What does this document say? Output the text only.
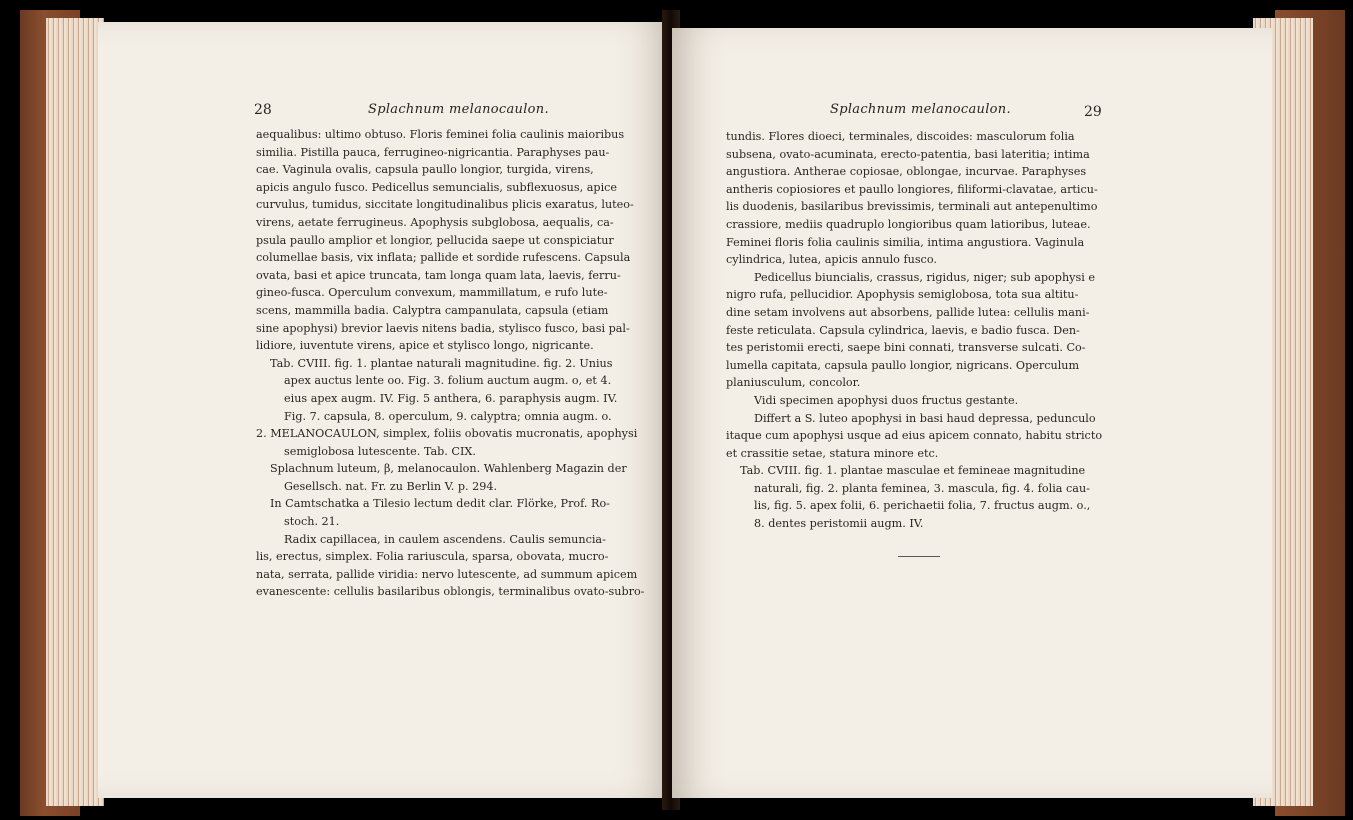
28	Splachnum melanocaulon.
aequalibus: ultimo obtuso. Floris feminei folia caulinis maioribus
similia. Pistilla pauca, ferrugineo-nigricantia. Paraphyses pau-
cae. Vaginula ovalis, capsula paullo longior, turgida, virens,
apicis angulo fusco. Pedicellus semuncialis, subflexuosus, apice
curvulus, tumidus, siccitate longitudinalibus plicis exaratus, luteo-
virens, aetate ferrugineus. Apophysis subglobosa, aequalis, ca-
psula paullo amplior et longior, pellucida saepe ut conspiciatur
columellae basis, vix inflata; pallide et sordide rufescens. Capsula
ovata, basi et apice truncata, tam longa quam lata, laevis, ferru-
gineo-fusca. Operculum convexum, mammillatum, e rufo lute-
scens, mammilla badia. Calyptra campanulata, capsula (etiam
sine apophysi) brevior laevis nitens badia, stylisco fusco, basi pal-
lidiore, iuventute virens, apice et stylisco longo, nigricante.
Tab. CVIII. fig. 1. plantae naturali magnitudine. fig. 2. Unius
apex auctus lente oo. Fig. 3. folium auctum augm. o, et 4.
eius apex augm. IV. Fig. 5 anthera, 6. paraphysis augm. IV.
Fig. 7. capsula, 8. operculum, 9. calyptra; omnia augm. o.
2. MELANOCAULON, simplex, foliis obovatis mucronatis, apophysi
semiglobosa lutescente. Tab. CIX.
Splachnum luteum, β, melanocaulon. Wahlenberg Magazin der
Gesellsch. nat. Fr. zu Berlin V. p. 294.
In Camtschatka a Tilesio lectum dedit clar. Flörke, Prof. Ro-
stoch. 21.
Radix capillacea, in caulem ascendens. Caulis semuncia-
lis, erectus, simplex. Folia rariuscula, sparsa, obovata, mucro-
nata, serrata, pallide viridia: nervo lutescente, ad summum apicem
evanescente: cellulis basilaribus oblongis, terminalibus ovato-subro-
Splachnum melanocaulon.	29
tundis. Flores dioeci, terminales, discoides: masculorum folia
subsena, ovato-acuminata, erecto-patentia, basi lateritia; intima
angustiora. Antherae copiosae, oblongae, incurvae. Paraphyses
antheris copiosiores et paullo longiores, filiformi-clavatae, articu-
lis duodenis, basilaribus brevissimis, terminali aut antepenultimo
crassiore, mediis quadruplo longioribus quam latioribus, luteae.
Feminei floris folia caulinis similia, intima angustiora. Vaginula
cylindrica, lutea, apicis annulo fusco.
Pedicellus biuncialis, crassus, rigidus, niger; sub apophysi e
nigro rufa, pellucidior. Apophysis semiglobosa, tota sua altitu-
dine setam involvens aut absorbens, pallide lutea: cellulis mani-
feste reticulata. Capsula cylindrica, laevis, e badio fusca. Den-
tes peristomii erecti, saepe bini connati, transverse sulcati. Co-
lumella capitata, capsula paullo longior, nigricans. Operculum
planiusculum, concolor.
Vidi specimen apophysi duos fructus gestante.
Differt a S. luteo apophysi in basi haud depressa, pedunculo
itaque cum apophysi usque ad eius apicem connato, habitu stricto
et crassitie setae, statura minore etc.
Tab. CVIII. fig. 1. plantae masculae et femineae magnitudine
naturali, fig. 2. planta feminea, 3. mascula, fig. 4. folia cau-
lis, fig. 5. apex folii, 6. perichaetii folia, 7. fructus augm. o.,
8. dentes peristomii augm. IV.
